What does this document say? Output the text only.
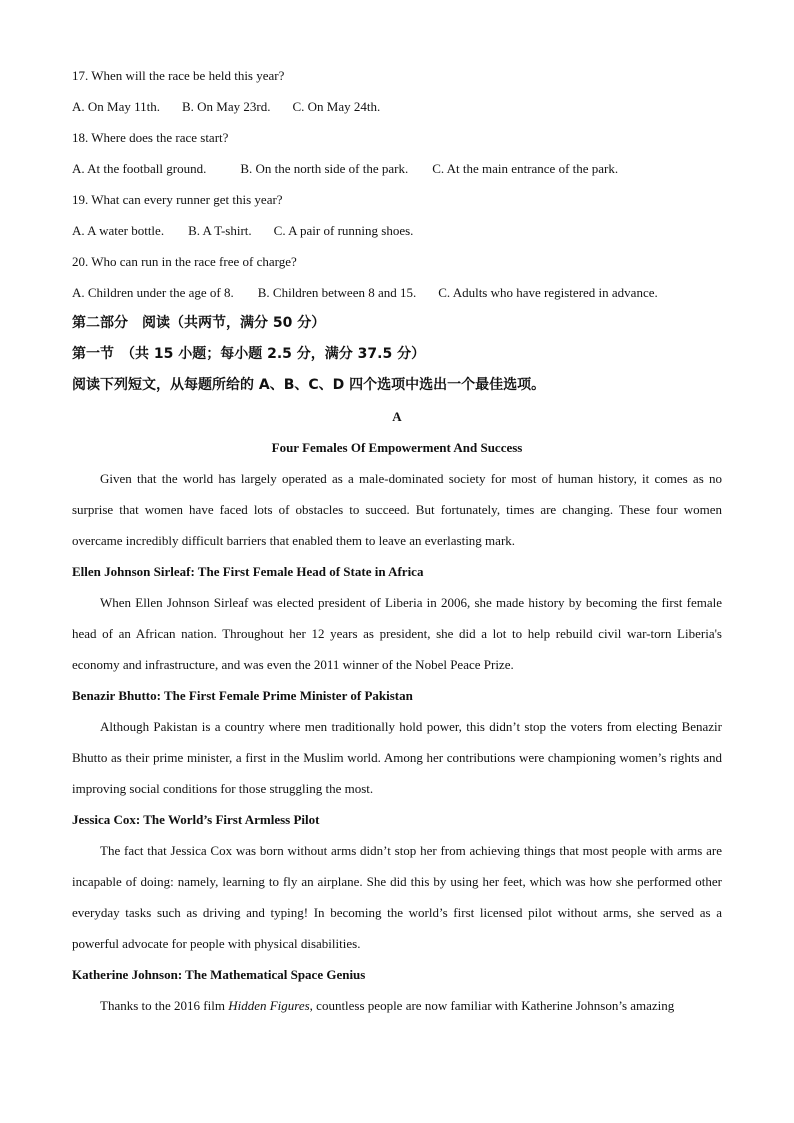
17. When will the race be held this year?

A. On May 11th. B. On May 23rd. C. On May 24th.

18. Where does the race start?

A. At the football ground.	B. On the north side of the park. C. At the main entrance of the park.

19. What can every runner get this year?

A. A water bottle. B. A T-shirt. C. A pair of running shoes.

20. Who can run in the race free of charge?

A. Children under the age of 8. B. Children between 8 and 15. C. Adults who have registered in advance.

第二部分　阅读（共两节，满分 50 分）
第一节　（共 15 小题；每小题 2.5 分，满分 37.5 分）
阅读下列短文，从每题所给的 A、B、C、D 四个选项中选出一个最佳选项。
A
Four Females Of Empowerment And Success

Given that the world has largely operated as a male-dominated society for most of human history, it comes as no surprise that women have faced lots of obstacles to succeed. But fortunately, times are changing. These four women overcame incredibly difficult barriers that enabled them to leave an everlasting mark.

Ellen Johnson Sirleaf: The First Female Head of State in Africa

When Ellen Johnson Sirleaf was elected president of Liberia in 2006, she made history by becoming the first female head of an African nation. Throughout her 12 years as president, she did a lot to help rebuild civil war-torn Liberia's economy and infrastructure, and was even the 2011 winner of the Nobel Peace Prize.

Benazir Bhutto: The First Female Prime Minister of Pakistan

Although Pakistan is a country where men traditionally hold power, this didn’t stop the voters from electing Benazir Bhutto as their prime minister, a first in the Muslim world. Among her contributions were championing women’s rights and improving social conditions for those struggling the most.

Jessica Cox: The World’s First Armless Pilot

The fact that Jessica Cox was born without arms didn’t stop her from achieving things that most people with arms are incapable of doing: namely, learning to fly an airplane. She did this by using her feet, which was how she performed other everyday tasks such as driving and typing! In becoming the world’s first licensed pilot without arms, she served as a powerful advocate for people with physical disabilities.

Katherine Johnson: The Mathematical Space Genius

Thanks to the 2016 film Hidden Figures, countless people are now familiar with Katherine Johnson’s amazing
